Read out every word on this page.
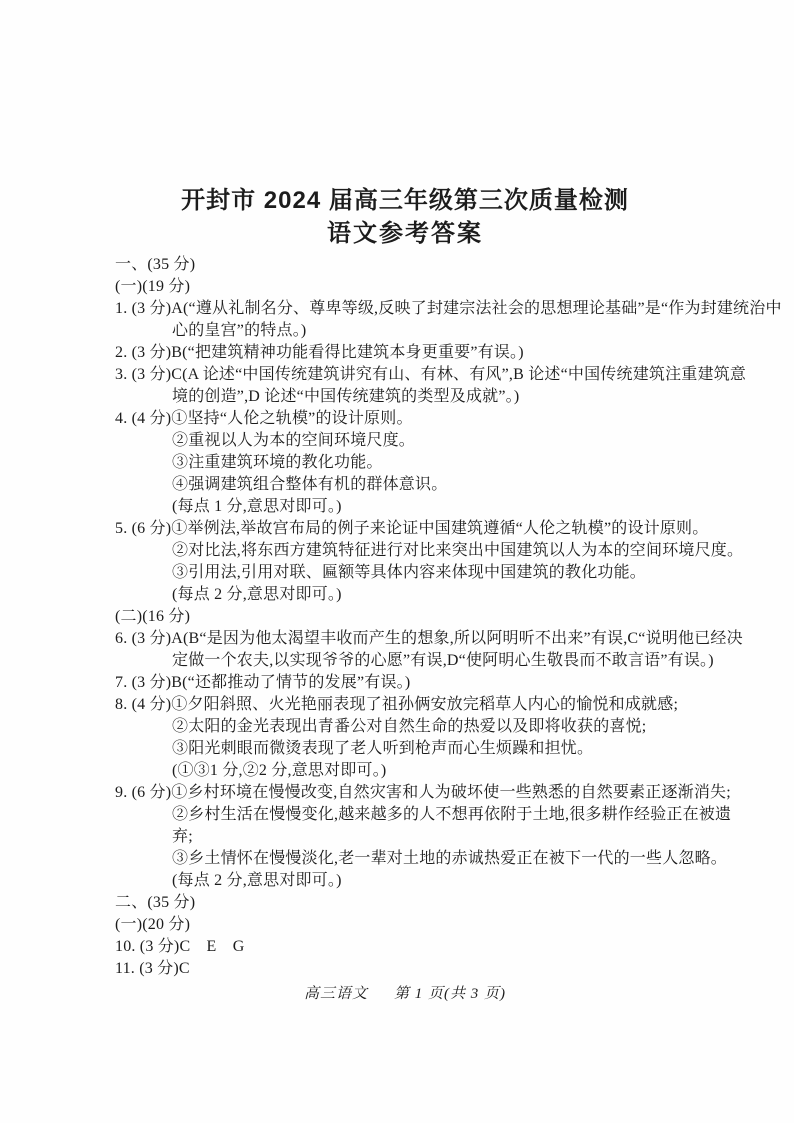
开封市 2024 届高三年级第三次质量检测
语文参考答案
一、(35 分)
(一)(19 分)
1. (3 分)A(“遵从礼制名分、尊卑等级,反映了封建宗法社会的思想理论基础”是“作为封建统治中
心的皇宫”的特点。)
2. (3 分)B(“把建筑精神功能看得比建筑本身更重要”有误。)
3. (3 分)C(A 论述“中国传统建筑讲究有山、有林、有风”,B 论述“中国传统建筑注重建筑意
境的创造”,D 论述“中国传统建筑的类型及成就”。)
4. (4 分)①坚持“人伦之轨模”的设计原则。
②重视以人为本的空间环境尺度。
③注重建筑环境的教化功能。
④强调建筑组合整体有机的群体意识。
(每点 1 分,意思对即可。)
5. (6 分)①举例法,举故宫布局的例子来论证中国建筑遵循“人伦之轨模”的设计原则。
②对比法,将东西方建筑特征进行对比来突出中国建筑以人为本的空间环境尺度。
③引用法,引用对联、匾额等具体内容来体现中国建筑的教化功能。
(每点 2 分,意思对即可。)
(二)(16 分)
6. (3 分)A(B“是因为他太渴望丰收而产生的想象,所以阿明听不出来”有误,C“说明他已经决
定做一个农夫,以实现爷爷的心愿”有误,D“使阿明心生敬畏而不敢言语”有误。)
7. (3 分)B(“还都推动了情节的发展”有误。)
8. (4 分)①夕阳斜照、火光艳丽表现了祖孙俩安放完稻草人内心的愉悦和成就感;
②太阳的金光表现出青番公对自然生命的热爱以及即将收获的喜悦;
③阳光刺眼而微烫表现了老人听到枪声而心生烦躁和担忧。
(①③1 分,②2 分,意思对即可。)
9. (6 分)①乡村环境在慢慢改变,自然灾害和人为破坏使一些熟悉的自然要素正逐渐消失;
②乡村生活在慢慢变化,越来越多的人不想再依附于土地,很多耕作经验正在被遗
弃;
③乡土情怀在慢慢淡化,老一辈对土地的赤诚热爱正在被下一代的一些人忽略。
(每点 2 分,意思对即可。)
二、(35 分)
(一)(20 分)
10. (3 分)C　E　G
11. (3 分)C
高三语文 第 1 页(共 3 页)
